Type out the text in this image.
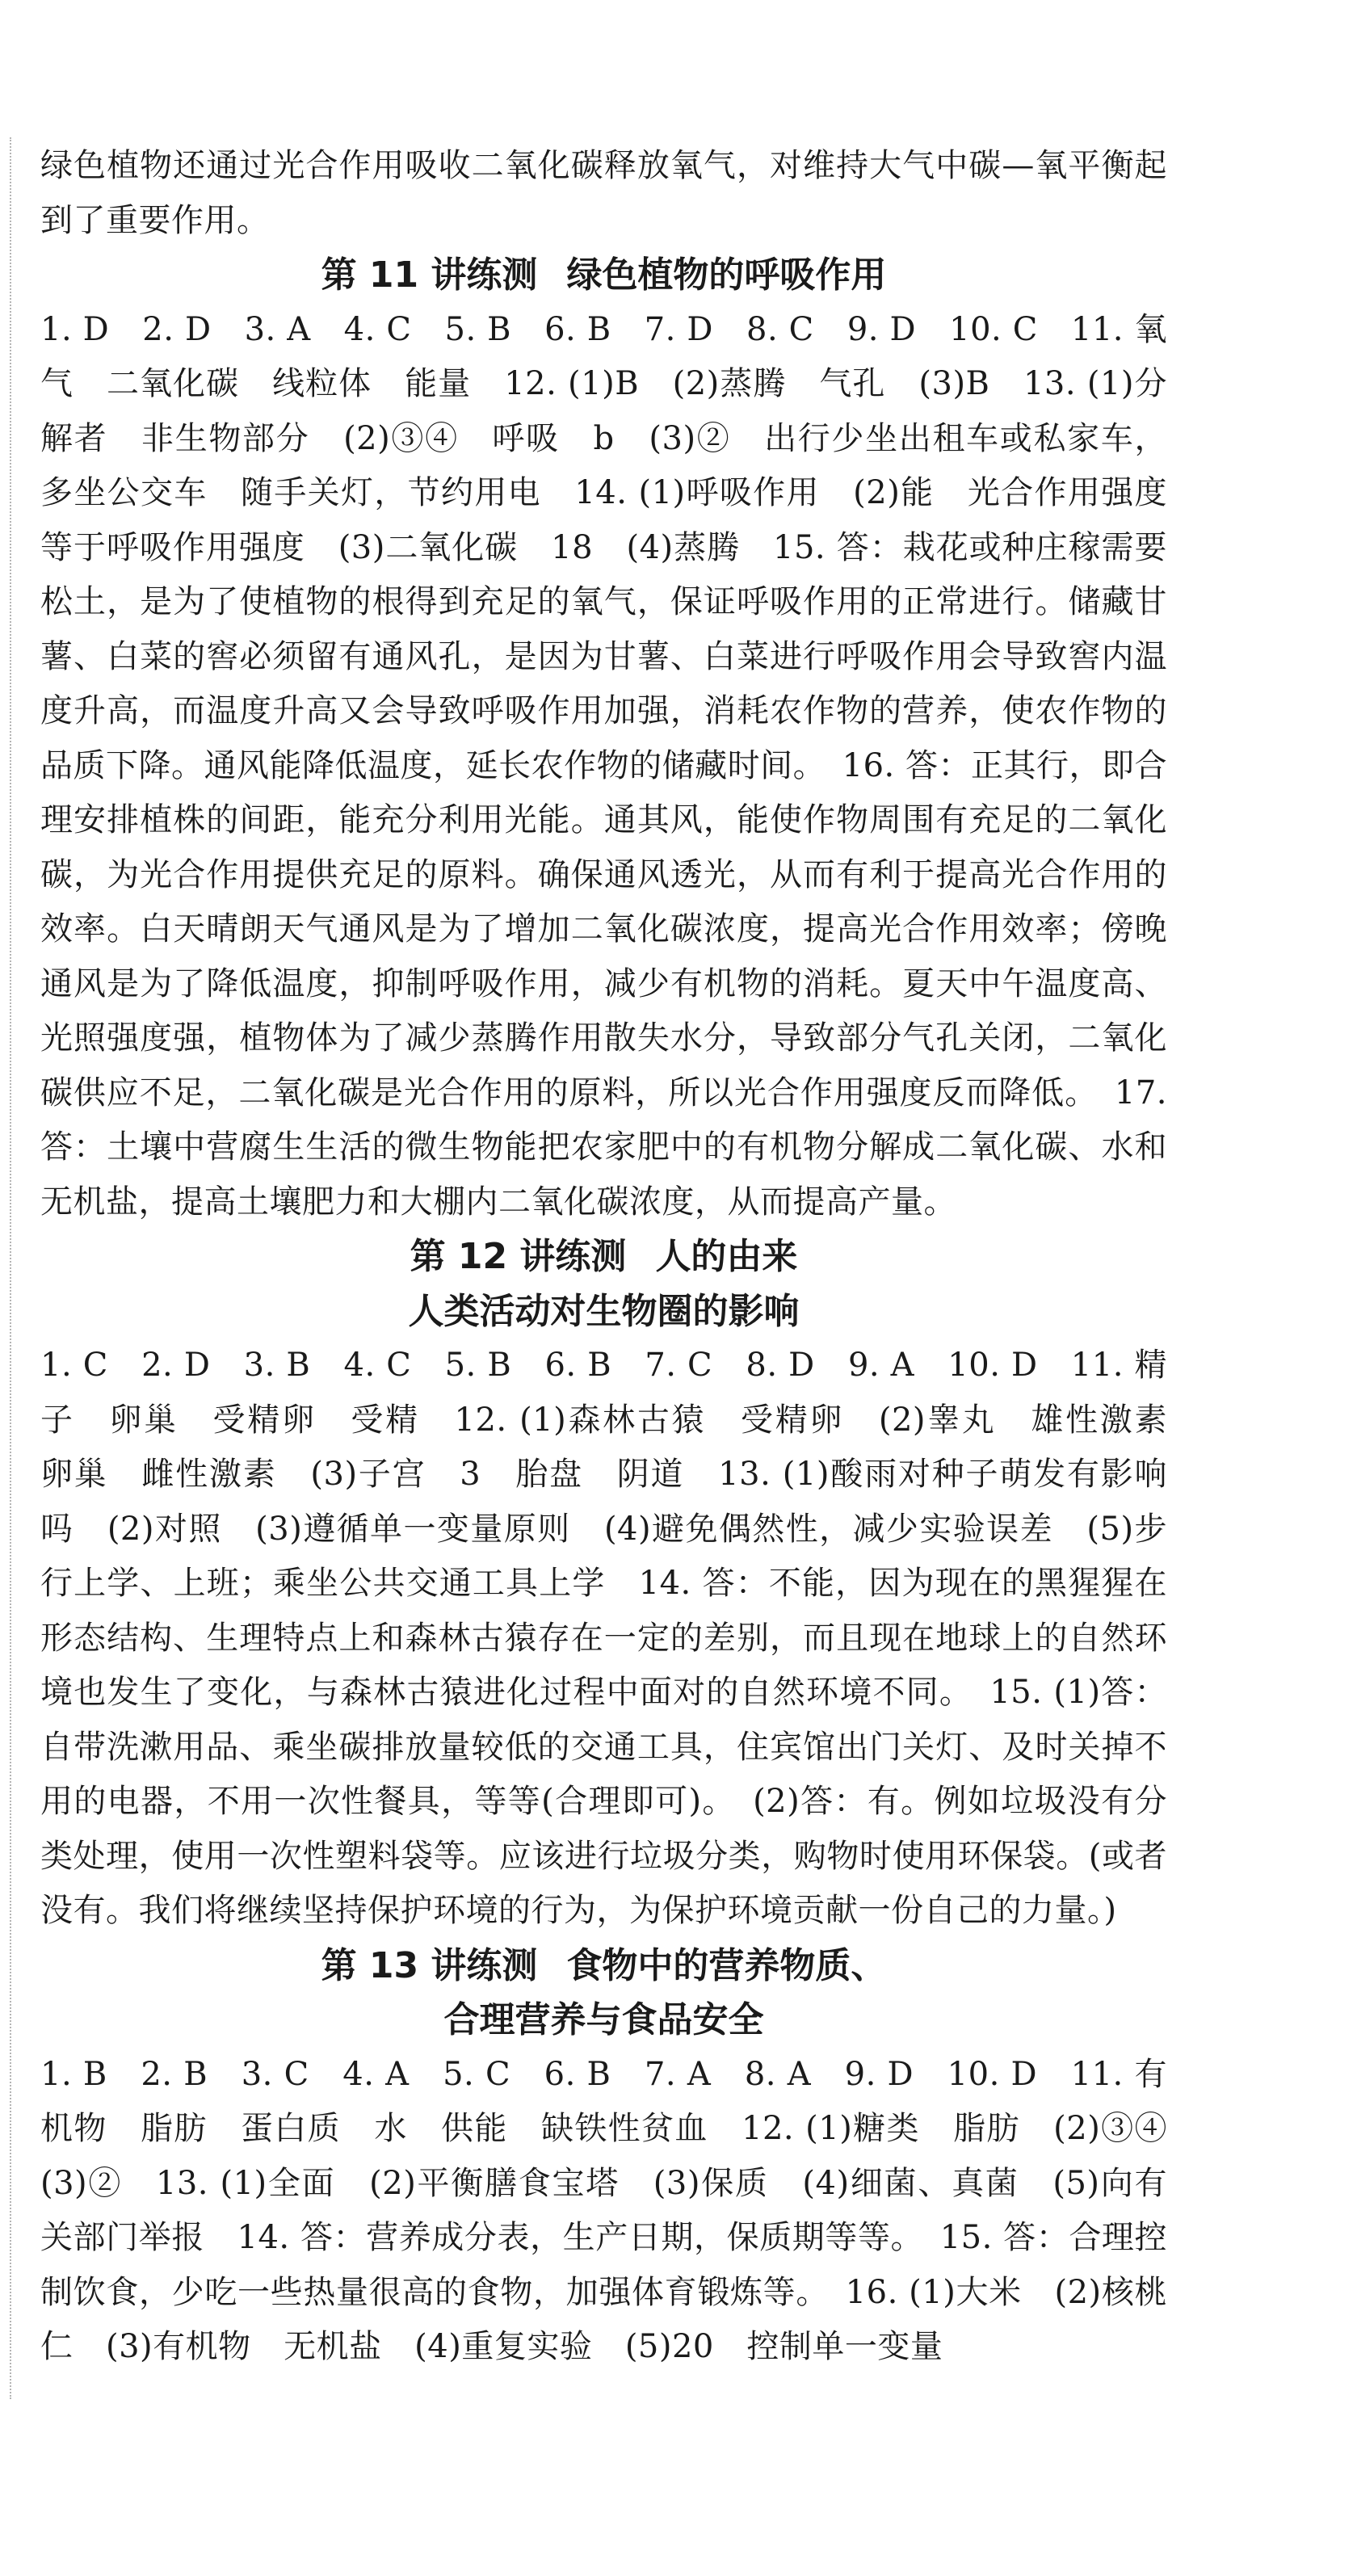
绿色植物还通过光合作用吸收二氧化碳释放氧气，对维持大气中碳—氧平衡起到了重要作用。

第 11 讲练测 绿色植物的呼吸作用

1. D　2. D　3. A　4. C　5. B　6. B　7. D　8. C　9. D　10. C　11. 氧气　二氧化碳　线粒体　能量　12. (1)B　(2)蒸腾　气孔　(3)B　13. (1)分解者　非生物部分　(2)③④　呼吸　b　(3)②　出行少坐出租车或私家车，多坐公交车　随手关灯，节约用电　14. (1)呼吸作用　(2)能　光合作用强度等于呼吸作用强度　(3)二氧化碳　18　(4)蒸腾　15. 答：栽花或种庄稼需要松土，是为了使植物的根得到充足的氧气，保证呼吸作用的正常进行。储藏甘薯、白菜的窖必须留有通风孔，是因为甘薯、白菜进行呼吸作用会导致窖内温度升高，而温度升高又会导致呼吸作用加强，消耗农作物的营养，使农作物的品质下降。通风能降低温度，延长农作物的储藏时间。　16. 答：正其行，即合理安排植株的间距，能充分利用光能。通其风，能使作物周围有充足的二氧化碳，为光合作用提供充足的原料。确保通风透光，从而有利于提高光合作用的效率。白天晴朗天气通风是为了增加二氧化碳浓度，提高光合作用效率；傍晚通风是为了降低温度，抑制呼吸作用，减少有机物的消耗。夏天中午温度高、光照强度强，植物体为了减少蒸腾作用散失水分，导致部分气孔关闭，二氧化碳供应不足，二氧化碳是光合作用的原料，所以光合作用强度反而降低。　17. 答：土壤中营腐生生活的微生物能把农家肥中的有机物分解成二氧化碳、水和无机盐，提高土壤肥力和大棚内二氧化碳浓度，从而提高产量。

第 12 讲练测 人的由来
人类活动对生物圈的影响

1. C　2. D　3. B　4. C　5. B　6. B　7. C　8. D　9. A　10. D　11. 精子　卵巢　受精卵　受精　12. (1)森林古猿　受精卵　(2)睾丸　雄性激素　卵巢　雌性激素　(3)子宫　3　胎盘　阴道　13. (1)酸雨对种子萌发有影响吗　(2)对照　(3)遵循单一变量原则　(4)避免偶然性，减少实验误差　(5)步行上学、上班；乘坐公共交通工具上学　14. 答：不能，因为现在的黑猩猩在形态结构、生理特点上和森林古猿存在一定的差别，而且现在地球上的自然环境也发生了变化，与森林古猿进化过程中面对的自然环境不同。　15. (1)答：自带洗漱用品、乘坐碳排放量较低的交通工具，住宾馆出门关灯、及时关掉不用的电器，不用一次性餐具，等等(合理即可)。　(2)答：有。例如垃圾没有分类处理，使用一次性塑料袋等。应该进行垃圾分类，购物时使用环保袋。(或者没有。我们将继续坚持保护环境的行为，为保护环境贡献一份自己的力量。)

第 13 讲练测 食物中的营养物质、
合理营养与食品安全

1. B　2. B　3. C　4. A　5. C　6. B　7. A　8. A　9. D　10. D　11. 有机物　脂肪　蛋白质　水　供能　缺铁性贫血　12. (1)糖类　脂肪　(2)③④　(3)②　13. (1)全面　(2)平衡膳食宝塔　(3)保质　(4)细菌、真菌　(5)向有关部门举报　14. 答：营养成分表，生产日期，保质期等等。　15. 答：合理控制饮食，少吃一些热量很高的食物，加强体育锻炼等。　16. (1)大米　(2)核桃仁　(3)有机物　无机盐　(4)重复实验　(5)20　控制单一变量
